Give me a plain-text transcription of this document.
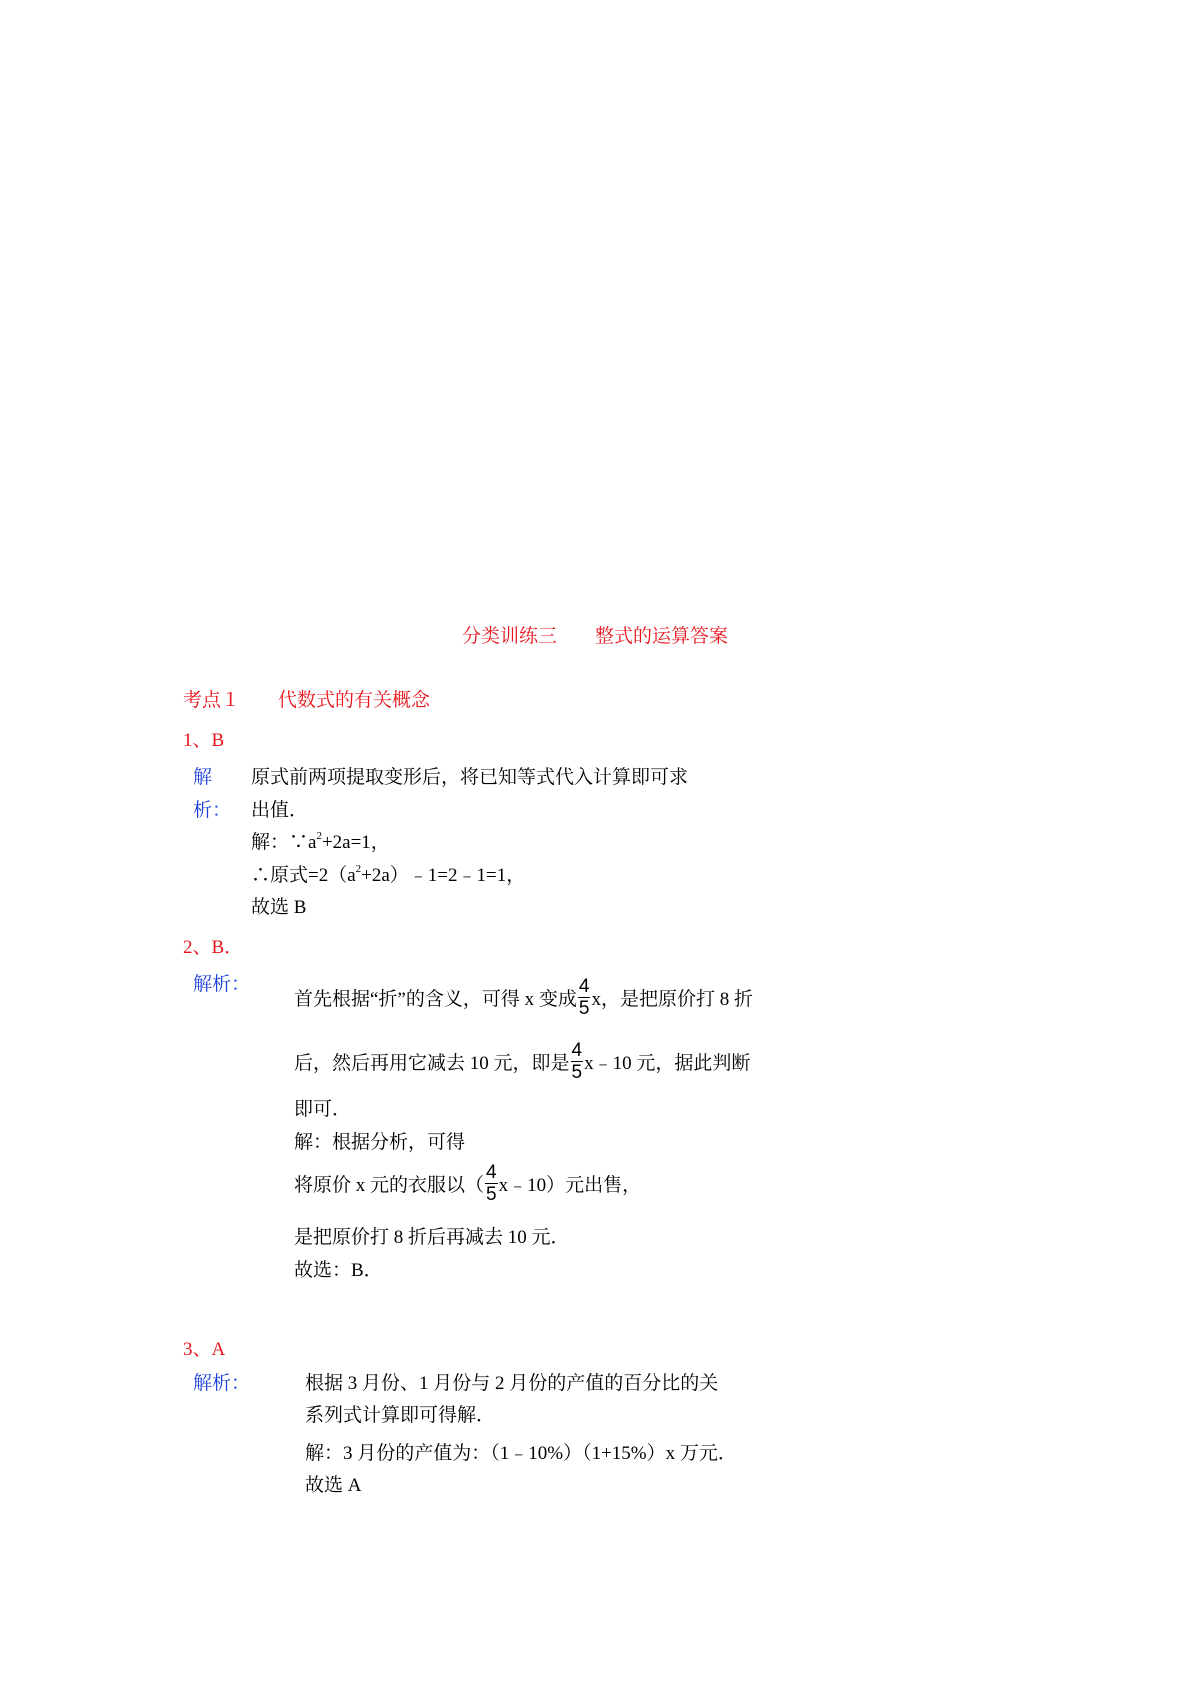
分类训练三　　整式的运算答案
考点１　　代数式的有关概念
1、B
解
析：
原式前两项提取变形后，将已知等式代入计算即可求
出值．
解：$\because a^2+2a=1$，
∴原式$=2(a^2+2a)﹣1=2﹣1=1$，
故选 B
2、B．
解析：
首先根据“折”的含义，可得 x 变成 $\frac{4}{5}$ x，是把原价打 8 折
后，然后再用它减去 10 元，即是 $\frac{4}{5}$ x﹣10 元，据此判断
即可．
解：根据分析，可得
将原价 x 元的衣服以（ $\frac{4}{5}$ x﹣10）元出售，
是把原价打 8 折后再减去 10 元．
故选：B．
3、A
解析：	根据 3 月份、1 月份与 2 月份的产值的百分比的关
系列式计算即可得解．
解：3 月份的产值为：（1﹣10%）（1+15%）x 万元．
故选 A
